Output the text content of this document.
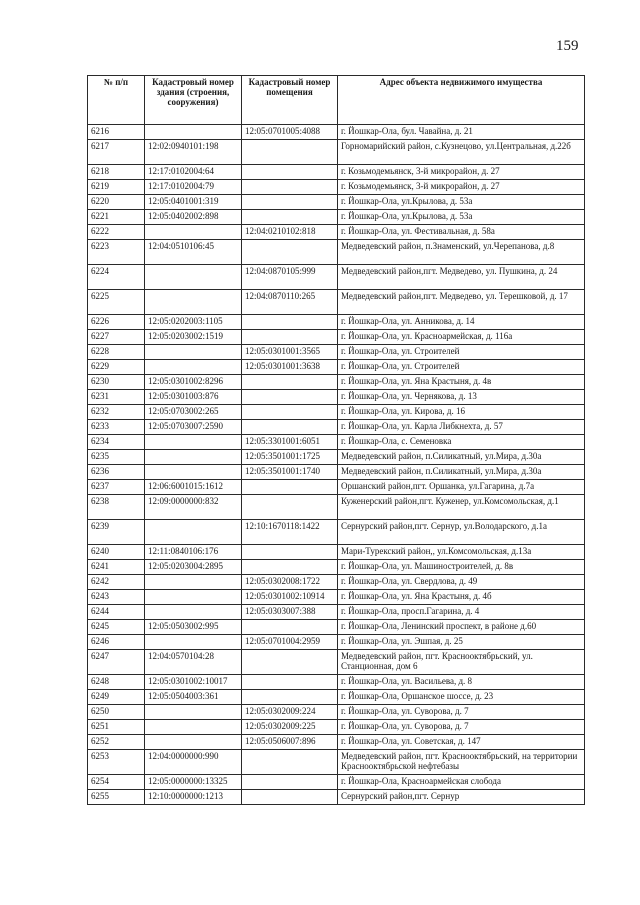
159
№ п/п	Кадастровый номер здания (строения, сооружения)	Кадастровый номер помещения	Адрес объекта недвижимого имущества
6216		12:05:0701005:4088	г. Йошкар-Ола, бул. Чавайна, д. 21
6217	12:02:0940101:198		Горномарийский район, с.Кузнецово, ул.Центральная, д.22б
6218	12:17:0102004:64		г. Козьмодемьянск, 3-й микрорайон, д. 27
6219	12:17:0102004:79		г. Козьмодемьянск, 3-й микрорайон, д. 27
6220	12:05:0401001:319		г. Йошкар-Ола, ул.Крылова, д. 53а
6221	12:05:0402002:898		г. Йошкар-Ола, ул.Крылова, д. 53а
6222		12:04:0210102:818	г. Йошкар-Ола, ул. Фестивальная, д. 58а
6223	12:04:0510106:45		Медведевский район, п.Знаменский, ул.Черепанова, д.8
6224		12:04:0870105:999	Медведевский район,пгт. Медведево, ул. Пушкина, д. 24
6225		12:04:0870110:265	Медведевский район,пгт. Медведево, ул. Терешковой, д. 17
6226	12:05:0202003:1105		г. Йошкар-Ола, ул. Анникова, д. 14
6227	12:05:0203002:1519		г. Йошкар-Ола, ул. Красноармейская, д. 116а
6228		12:05:0301001:3565	г. Йошкар-Ола, ул. Строителей
6229		12:05:0301001:3638	г. Йошкар-Ола, ул. Строителей
6230	12:05:0301002:8296		г. Йошкар-Ола, ул. Яна Крастыня, д. 4в
6231	12:05:0301003:876		г. Йошкар-Ола, ул. Чернякова, д. 13
6232	12:05:0703002:265		г. Йошкар-Ола, ул. Кирова, д. 16
6233	12:05:0703007:2590		г. Йошкар-Ола, ул. Карла Либкнехта, д. 57
6234		12:05:3301001:6051	г. Йошкар-Ола, с. Семеновка
6235		12:05:3501001:1725	Медведевский район, п.Силикатный, ул.Мира, д.30а
6236		12:05:3501001:1740	Медведевский район, п.Силикатный, ул.Мира, д.30а
6237	12:06:6001015:1612		Оршанский район,пгт. Оршанка, ул.Гагарина, д.7а
6238	12:09:0000000:832		Куженерский район,пгт. Куженер, ул.Комсомольская, д.1
6239		12:10:1670118:1422	Сернурский район,пгт. Сернур, ул.Володарского, д.1а
6240	12:11:0840106:176		Мари-Турекский район,, ул.Комсомольская, д.13а
6241	12:05:0203004:2895		г. Йошкар-Ола, ул. Машиностроителей, д. 8в
6242		12:05:0302008:1722	г. Йошкар-Ола, ул. Свердлова, д. 49
6243		12:05:0301002:10914	г. Йошкар-Ола, ул. Яна Крастыня, д. 4б
6244		12:05:0303007:388	г. Йошкар-Ола, просп.Гагарина, д. 4
6245	12:05:0503002:995		г. Йошкар-Ола, Ленинский проспект, в районе д.60
6246		12:05:0701004:2959	г. Йошкар-Ола, ул. Эшпая, д. 25
6247	12:04:0570104:28		Медведевский район, пгт. Красноoктябрьский, ул. Станционная, дом 6
6248	12:05:0301002:10017		г. Йошкар-Ола, ул. Васильева, д. 8
6249	12:05:0504003:361		г. Йошкар-Ола, Оршанское шоссе, д. 23
6250		12:05:0302009:224	г. Йошкар-Ола, ул. Суворова, д. 7
6251		12:05:0302009:225	г. Йошкар-Ола, ул. Суворова, д. 7
6252		12:05:0506007:896	г. Йошкар-Ола, ул. Советская, д. 147
6253	12:04:0000000:990		Медведевский район, пгт. Красноoктябрьский, на территории Красноoктябрьской нефтебазы
6254	12:05:0000000:13325		г. Йошкар-Ола, Красноармейская слобода
6255	12:10:0000000:1213		Сернурский район,пгт. Сернур
